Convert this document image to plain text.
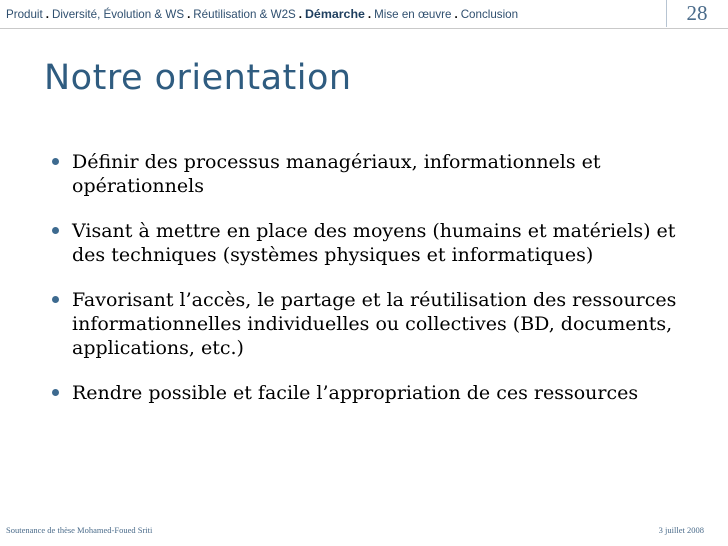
Produit . Diversité, Évolution & WS . Réutilisation & W2S . Démarche . Mise en œuvre . Conclusion	28
Notre orientation
Définir des processus managériaux, informationnels et opérationnels
Visant à mettre en place des moyens (humains et matériels) et des techniques (systèmes physiques et informatiques)
Favorisant l’accès, le partage et la réutilisation des ressources informationnelles individuelles ou collectives (BD, documents, applications, etc.)
Rendre possible et facile l’appropriation de ces ressources
Soutenance de thèse Mohamed-Foued Sriti	3 juillet 2008
